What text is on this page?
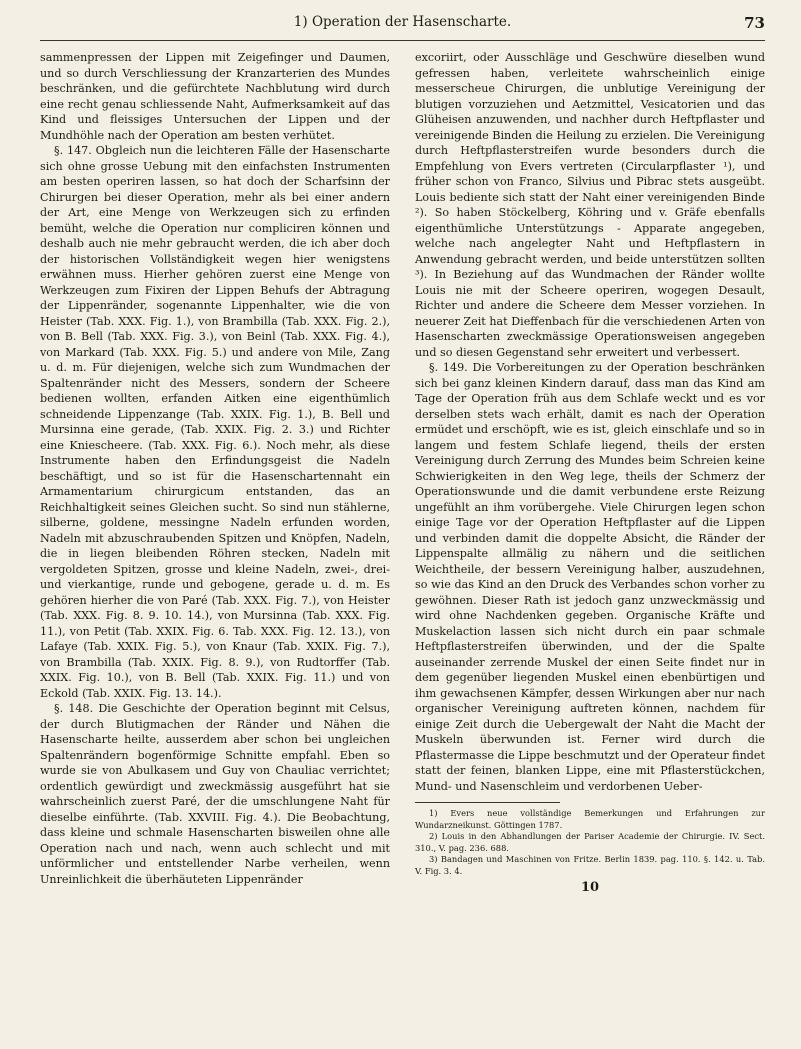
1) Operation der Hasenscharte.	73

sammenpressen der Lippen mit Zeigefinger und Daumen, und so durch Verschliessung der Kranzarterien des Mundes beschränken, und die gefürchtete Nachblutung wird durch eine recht genau schliessende Naht, Aufmerksamkeit auf das Kind und fleissiges Untersuchen der Lippen und der Mundhöhle nach der Operation am besten verhütet.

§. 147. Obgleich nun die leichteren Fälle der Hasenscharte sich ohne grosse Uebung mit den einfachsten Instrumenten am besten operiren lassen, so hat doch der Scharfsinn der Chirurgen bei dieser Operation, mehr als bei einer andern der Art, eine Menge von Werkzeugen sich zu erfinden bemüht, welche die Operation nur compliciren können und deshalb auch nie mehr gebraucht werden, die ich aber doch der historischen Vollständigkeit wegen hier wenigstens erwähnen muss. Hierher gehören zuerst eine Menge von Werkzeugen zum Fixiren der Lippen Behufs der Abtragung der Lippenränder, sogenannte Lippenhalter, wie die von Heister (Tab. XXX. Fig. 1.), von Brambilla (Tab. XXX. Fig. 2.), von B. Bell (Tab. XXX. Fig. 3.), von Beinl (Tab. XXX. Fig. 4.), von Markard (Tab. XXX. Fig. 5.) und andere von Mile, Zang u. d. m. Für diejenigen, welche sich zum Wundmachen der Spaltenränder nicht des Messers, sondern der Scheere bedienen wollten, erfanden Aitken eine eigenthümlich schneidende Lippenzange (Tab. XXIX. Fig. 1.), B. Bell und Mursinna eine gerade, (Tab. XXIX. Fig. 2. 3.) und Richter eine Kniescheere. (Tab. XXX. Fig. 6.). Noch mehr, als diese Instrumente haben den Erfindungsgeist die Nadeln beschäftigt, und so ist für die Hasenschartennaht ein Armamentarium chirurgicum entstanden, das an Reichhaltigkeit seines Gleichen sucht. So sind nun stählerne, silberne, goldene, messingne Nadeln erfunden worden, Nadeln mit abzuschraubenden Spitzen und Knöpfen, Nadeln, die in liegen bleibenden Röhren stecken, Nadeln mit vergoldeten Spitzen, grosse und kleine Nadeln, zwei-, drei- und vierkantige, runde und gebogene, gerade u. d. m. Es gehören hierher die von Paré (Tab. XXX. Fig. 7.), von Heister (Tab. XXX. Fig. 8. 9. 10. 14.), von Mursinna (Tab. XXX. Fig. 11.), von Petit (Tab. XXIX. Fig. 6. Tab. XXX. Fig. 12. 13.), von Lafaye (Tab. XXIX. Fig. 5.), von Knaur (Tab. XXIX. Fig. 7.), von Brambilla (Tab. XXIX. Fig. 8. 9.), von Rudtorffer (Tab. XXIX. Fig. 10.), von B. Bell (Tab. XXIX. Fig. 11.) und von Eckold (Tab. XXIX. Fig. 13. 14.).

§. 148. Die Geschichte der Operation beginnt mit Celsus, der durch Blutigmachen der Ränder und Nähen die Hasenscharte heilte, ausserdem aber schon bei ungleichen Spaltenrändern bogenförmige Schnitte empfahl. Eben so wurde sie von Abulkasem und Guy von Chauliac verrichtet; ordentlich gewürdigt und zweckmässig ausgeführt hat sie wahrscheinlich zuerst Paré, der die umschlungene Naht für dieselbe einführte. (Tab. XXVIII. Fig. 4.). Die Beobachtung, dass kleine und schmale Hasenscharten bisweilen ohne alle Operation nach und nach, wenn auch schlecht und mit unförmlicher und entstellender Narbe verheilen, wenn Unreinlichkeit die überhäuteten Lippenränder

excoriirt, oder Ausschläge und Geschwüre dieselben wund gefressen haben, verleitete wahrscheinlich einige messerscheue Chirurgen, die unblutige Vereinigung der blutigen vorzuziehen und Aetzmittel, Vesicatorien und das Glüheisen anzuwenden, und nachher durch Heftpflaster und vereinigende Binden die Heilung zu erzielen. Die Vereinigung durch Heftpflasterstreifen wurde besonders durch die Empfehlung von Evers vertreten (Circularpflaster ¹), und früher schon von Franco, Silvius und Pibrac stets ausgeübt. Louis bediente sich statt der Naht einer vereinigenden Binde ²). So haben Stöckelberg, Köhring und v. Gräfe ebenfalls eigenthümliche Unterstützungs - Apparate angegeben, welche nach angelegter Naht und Heftpflastern in Anwendung gebracht werden, und beide unterstützen sollten ³). In Beziehung auf das Wundmachen der Ränder wollte Louis nie mit der Scheere operiren, wogegen Desault, Richter und andere die Scheere dem Messer vorziehen. In neuerer Zeit hat Dieffenbach für die verschiedenen Arten von Hasenscharten zweckmässige Operationsweisen angegeben und so diesen Gegenstand sehr erweitert und verbessert.

§. 149. Die Vorbereitungen zu der Operation beschränken sich bei ganz kleinen Kindern darauf, dass man das Kind am Tage der Operation früh aus dem Schlafe weckt und es vor derselben stets wach erhält, damit es nach der Operation ermüdet und erschöpft, wie es ist, gleich einschlafe und so in langem und festem Schlafe liegend, theils der ersten Vereinigung durch Zerrung des Mundes beim Schreien keine Schwierigkeiten in den Weg lege, theils der Schmerz der Operationswunde und die damit verbundene erste Reizung ungefühlt an ihm vorübergehe. Viele Chirurgen legen schon einige Tage vor der Operation Heftpflaster auf die Lippen und verbinden damit die doppelte Absicht, die Ränder der Lippenspalte allmälig zu nähern und die seitlichen Weichtheile, der bessern Vereinigung halber, auszudehnen, so wie das Kind an den Druck des Verbandes schon vorher zu gewöhnen. Dieser Rath ist jedoch ganz unzweckmässig und wird ohne Nachdenken gegeben. Organische Kräfte und Muskelaction lassen sich nicht durch ein paar schmale Heftpflasterstreifen überwinden, und der die Spalte auseinander zerrende Muskel der einen Seite findet nur in dem gegenüber liegenden Muskel einen ebenbürtigen und ihm gewachsenen Kämpfer, dessen Wirkungen aber nur nach organischer Vereinigung auftreten können, nachdem für einige Zeit durch die Uebergewalt der Naht die Macht der Muskeln überwunden ist. Ferner wird durch die Pflastermasse die Lippe beschmutzt und der Operateur findet statt der feinen, blanken Lippe, eine mit Pflasterstückchen, Mund- und Nasenschleim und verdorbenen Ueber-

1) Evers neue vollständige Bemerkungen und Erfahrungen zur Wundarzneikunst. Göttingen 1787.

2) Louis in den Abhandlungen der Pariser Academie der Chirurgie. IV. Sect. 310., V. pag. 236. 688.

3) Bandagen und Maschinen von Fritze. Berlin 1839. pag. 110. §. 142. u. Tab. V. Fig. 3. 4.

10
